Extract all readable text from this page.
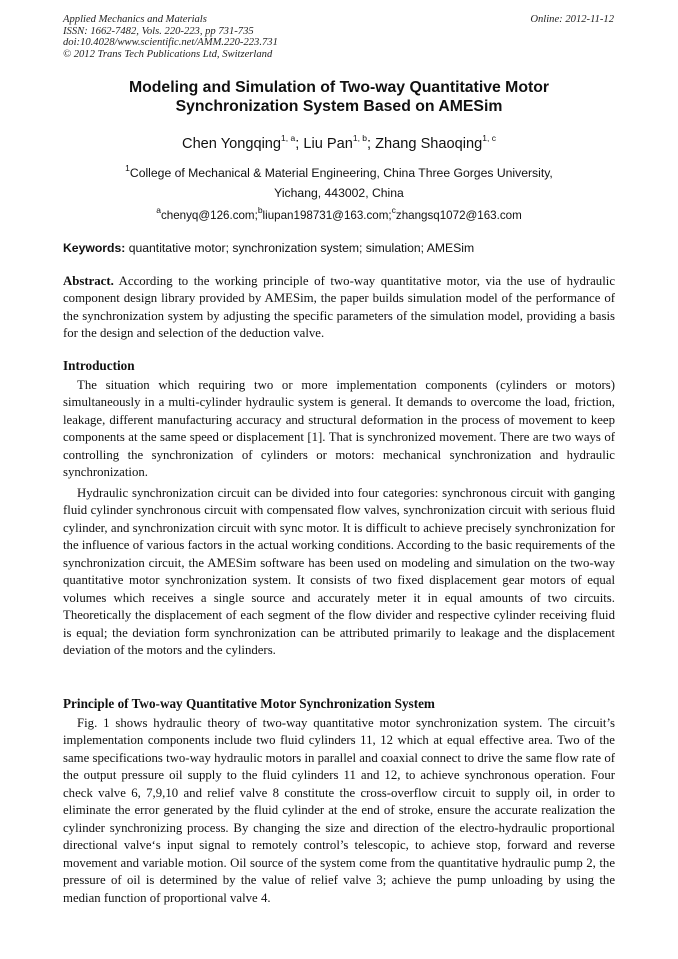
Applied Mechanics and Materials
ISSN: 1662-7482, Vols. 220-223, pp 731-735
doi:10.4028/www.scientific.net/AMM.220-223.731
© 2012 Trans Tech Publications Ltd, Switzerland
Online: 2012-11-12
Modeling and Simulation of Two-way Quantitative Motor
Synchronization System Based on AMESim
Chen Yongqing$^{1, a}$; Liu Pan$^{1, b}$; Zhang Shaoqing$^{1, c}$
$^1$College of Mechanical & Material Engineering, China Three Gorges University,
Yichang, 443002, China
$^a$chenyq@126.com;$^b$liupan198731@163.com;$^c$zhangsq1072@163.com
Keywords: quantitative motor; synchronization system; simulation; AMESim
Abstract. According to the working principle of two-way quantitative motor, via the use of hydraulic component design library provided by AMESim, the paper builds simulation model of the performance of the synchronization system by adjusting the specific parameters of the simulation model, providing a basis for the design and selection of the deduction valve.
Introduction
The situation which requiring two or more implementation components (cylinders or motors) simultaneously in a multi-cylinder hydraulic system is general. It demands to overcome the load, friction, leakage, different manufacturing accuracy and structural deformation in the process of movement to keep components at the same speed or displacement [1]. That is synchronized movement. There are two ways of controlling the synchronization of cylinders or motors: mechanical synchronization and hydraulic synchronization.
Hydraulic synchronization circuit can be divided into four categories: synchronous circuit with ganging fluid cylinder synchronous circuit with compensated flow valves, synchronization circuit with serious fluid cylinder, and synchronization circuit with sync motor. It is difficult to achieve precisely synchronization for the influence of various factors in the actual working conditions. According to the basic requirements of the synchronization circuit, the AMESim software has been used on modeling and simulation on the two-way quantitative motor synchronization system. It consists of two fixed displacement gear motors of equal volumes which receives a single source and accurately meter it in equal amounts of two circuits. Theoretically the displacement of each segment of the flow divider and respective cylinder receiving fluid is equal; the deviation form synchronization can be attributed primarily to leakage and the displacement deviation of the motors and the cylinders.
Principle of Two-way Quantitative Motor Synchronization System
Fig. 1 shows hydraulic theory of two-way quantitative motor synchronization system. The circuit’s implementation components include two fluid cylinders 11, 12 which at equal effective area. Two of the same specifications two-way hydraulic motors in parallel and coaxial connect to drive the same flow rate of the output pressure oil supply to the fluid cylinders 11 and 12, to achieve synchronous operation. Four check valve 6, 7,9,10 and relief valve 8 constitute the cross-overflow circuit to supply oil, in order to eliminate the error generated by the fluid cylinder at the end of stroke, ensure the accurate realization the cylinder synchronizing process. By changing the size and direction of the electro-hydraulic proportional directional valve‘s input signal to remotely control’s telescopic, to achieve stop, forward and reverse movement and variable motion. Oil source of the system come from the quantitative hydraulic pump 2, the pressure of oil is determined by the value of relief valve 3; achieve the pump unloading by using the median function of proportional valve 4.
